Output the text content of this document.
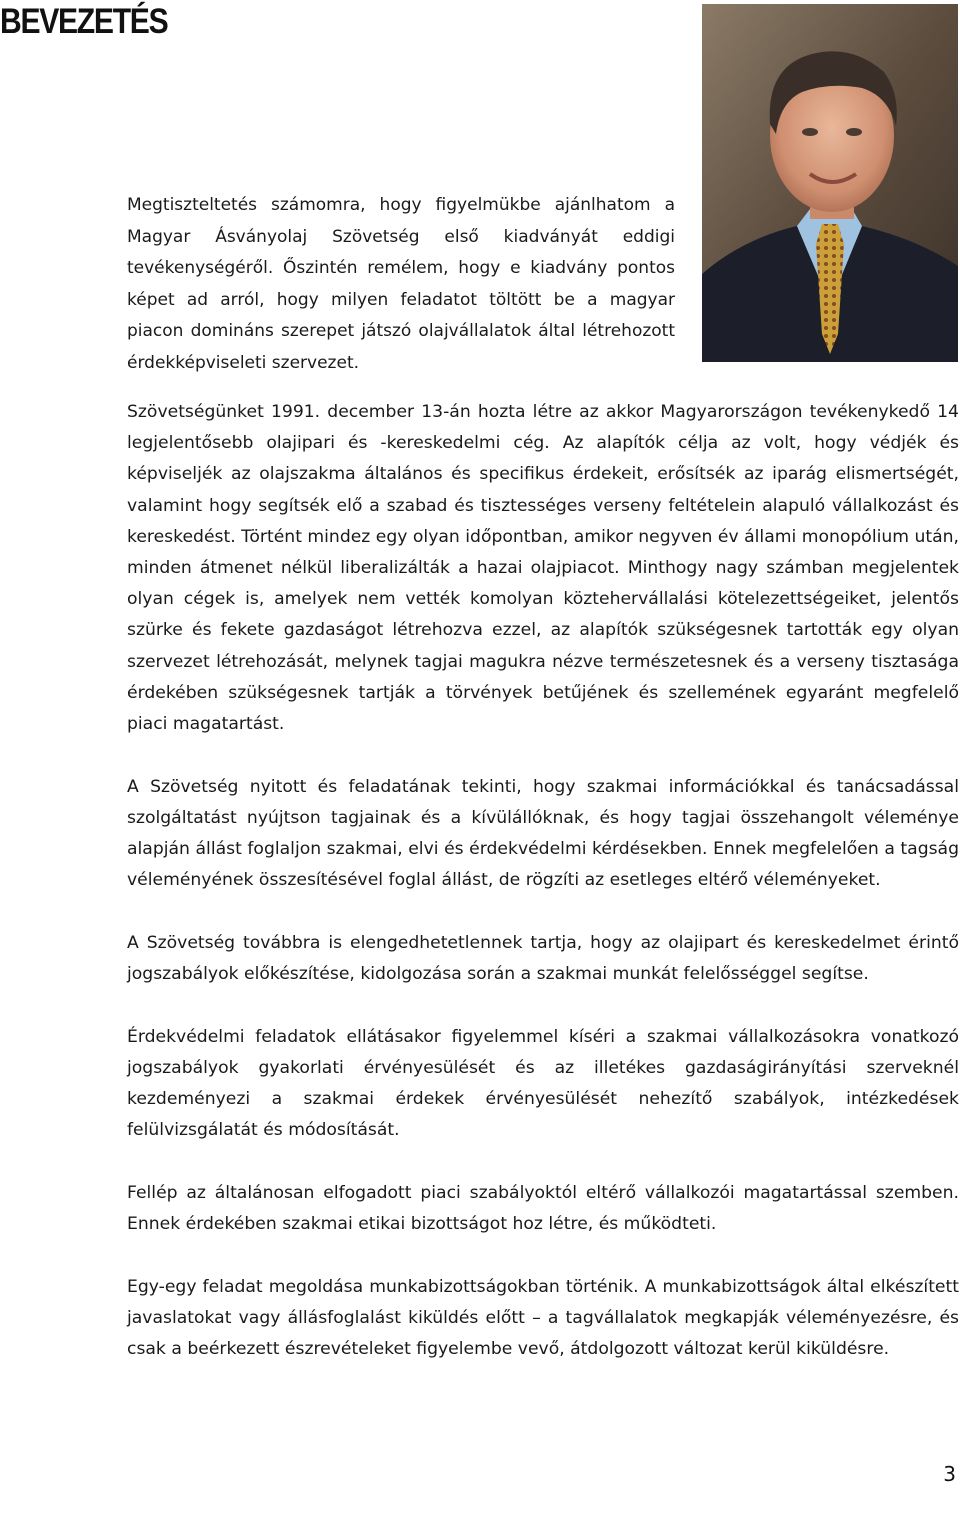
BEVEZETÉS

Megtiszteltetés számomra, hogy figyelmükbe ajánlhatom a Magyar Ásványolaj Szövetség első kiadványát eddigi tevékenységéről. Őszintén remélem, hogy e kiadvány pontos képet ad arról, hogy milyen feladatot töltött be a magyar piacon domináns szerepet játszó olajvállalatok által létrehozott érdekképviseleti szervezet.

Szövetségünket 1991. december 13-án hozta létre az akkor Magyarországon tevékenykedő 14 legjelentősebb olajipari és -kereskedelmi cég. Az alapítók célja az volt, hogy védjék és képviseljék az olajszakma általános és specifikus érdekeit, erősítsék az iparág elismertségét, valamint hogy segítsék elő a szabad és tisztességes verseny feltételein alapuló vállalkozást és kereskedést. Történt mindez egy olyan időpontban, amikor negyven év állami monopólium után, minden átmenet nélkül liberalizálták a hazai olajpiacot. Minthogy nagy számban megjelentek olyan cégek is, amelyek nem vették komolyan köztehervállalási kötelezettségeiket, jelentős szürke és fekete gazdaságot létrehozva ezzel, az alapítók szükségesnek tartották egy olyan szervezet létrehozását, melynek tagjai magukra nézve természetesnek és a verseny tisztasága érdekében szükségesnek tartják a törvények betűjének és szellemének egyaránt megfelelő piaci magatartást.

A Szövetség nyitott és feladatának tekinti, hogy szakmai információkkal és tanácsadással szolgáltatást nyújtson tagjainak és a kívülállóknak, és hogy tagjai összehangolt véleménye alapján állást foglaljon szakmai, elvi és érdekvédelmi kérdésekben. Ennek megfelelően a tagság véleményének összesítésével foglal állást, de rögzíti az esetleges eltérő véleményeket.

A Szövetség továbbra is elengedhetetlennek tartja, hogy az olajipart és kereskedelmet érintő jogszabályok előkészítése, kidolgozása során a szakmai munkát felelősséggel segítse.

Érdekvédelmi feladatok ellátásakor figyelemmel kíséri a szakmai vállalkozásokra vonatkozó jogszabályok gyakorlati érvényesülését és az illetékes gazdaságirányítási szerveknél kezdeményezi a szakmai érdekek érvényesülését nehezítő szabályok, intézkedések felülvizsgálatát és módosítását.

Fellép az általánosan elfogadott piaci szabályoktól eltérő vállalkozói magatartással szemben. Ennek érdekében szakmai etikai bizottságot hoz létre, és működteti.

Egy-egy feladat megoldása munkabizottságokban történik. A munkabizottságok által elkészített javaslatokat vagy állásfoglalást kiküldés előtt – a tagvállalatok megkapják véleményezésre, és csak a beérkezett észrevételeket figyelembe vevő, átdolgozott változat kerül kiküldésre.

3
